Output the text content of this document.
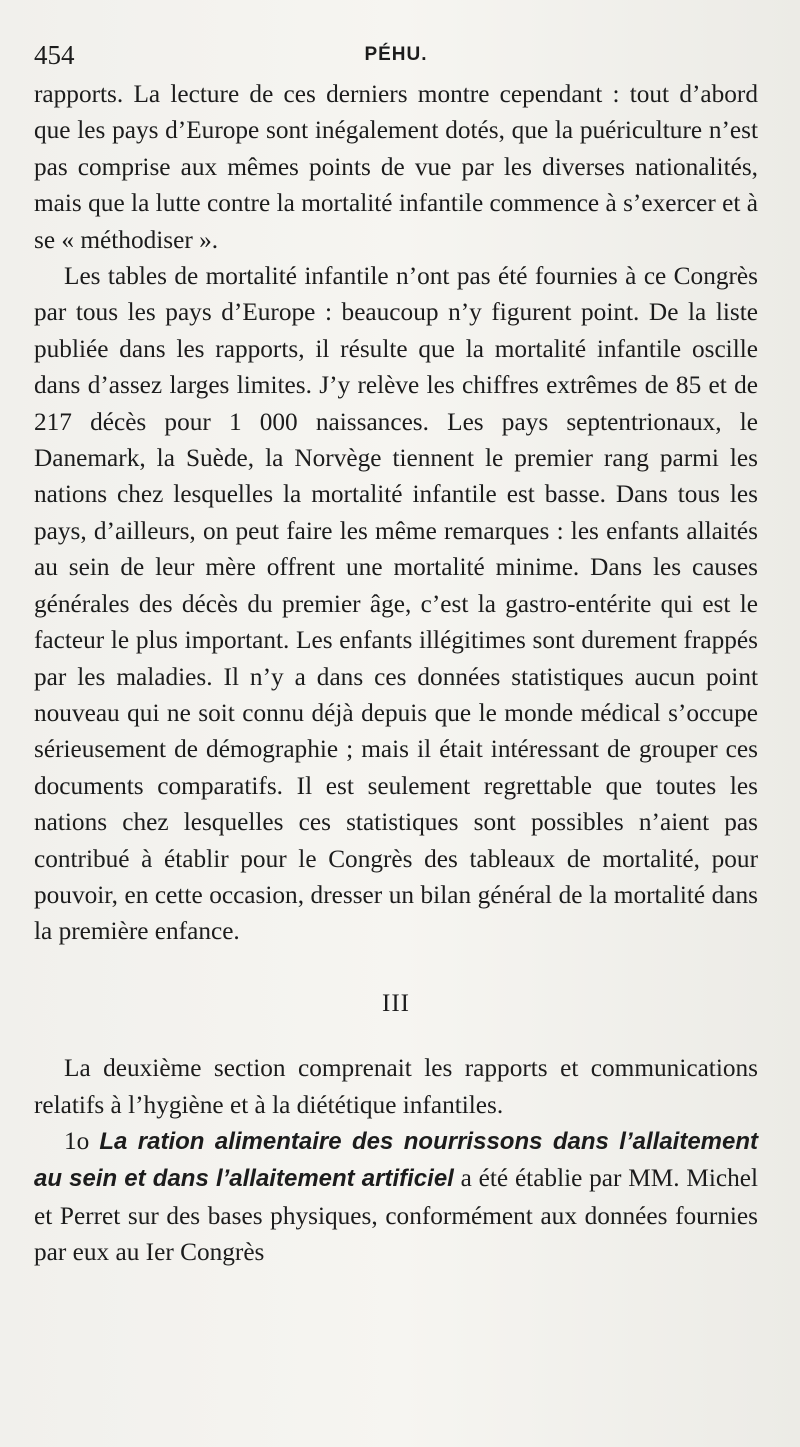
454	PÉHU.

rapports. La lecture de ces derniers montre cependant : tout d’abord que les pays d’Europe sont inégalement dotés, que la puériculture n’est pas comprise aux mêmes points de vue par les diverses nationalités, mais que la lutte contre la mortalité infantile commence à s’exercer et à se « méthodiser ».

Les tables de mortalité infantile n’ont pas été fournies à ce Congrès par tous les pays d’Europe : beaucoup n’y figurent point. De la liste publiée dans les rapports, il résulte que la mortalité infantile oscille dans d’assez larges limites. J’y relève les chiffres extrêmes de 85 et de 217 décès pour 1 000 naissances. Les pays septentrionaux, le Danemark, la Suède, la Norvège tiennent le premier rang parmi les nations chez lesquelles la mortalité infantile est basse. Dans tous les pays, d’ailleurs, on peut faire les même remarques : les enfants allaités au sein de leur mère offrent une mortalité minime. Dans les causes générales des décès du premier âge, c’est la gastro-entérite qui est le facteur le plus important. Les enfants illégitimes sont durement frappés par les maladies. Il n’y a dans ces données statistiques aucun point nouveau qui ne soit connu déjà depuis que le monde médical s’occupe sérieusement de démographie ; mais il était intéressant de grouper ces documents comparatifs. Il est seulement regrettable que toutes les nations chez lesquelles ces statistiques sont possibles n’aient pas contribué à établir pour le Congrès des tableaux de mortalité, pour pouvoir, en cette occasion, dresser un bilan général de la mortalité dans la première enfance.

III

La deuxième section comprenait les rapports et communications relatifs à l’hygiène et à la diététique infantiles.

1o La ration alimentaire des nourrissons dans l’allaitement au sein et dans l’allaitement artificiel a été établie par MM. Michel et Perret sur des bases physiques, conformément aux données fournies par eux au Ier Congrès
